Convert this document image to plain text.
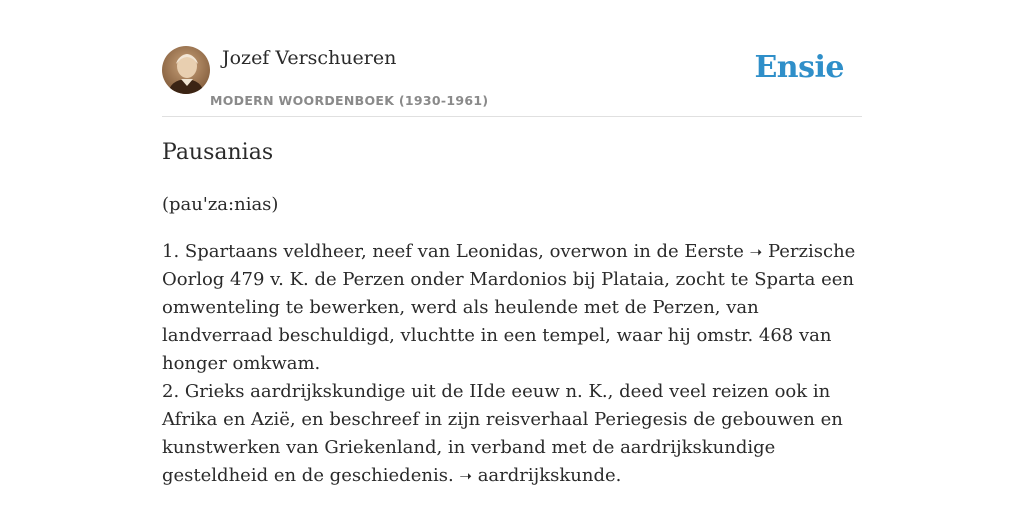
Jozef Verschueren
MODERN WOORDENBOEK (1930-1961)
Ensie
Pausanias
(pau'za:nias)

1. Spartaans veldheer, neef van Leonidas, overwon in de Eerste ➝ Perzische Oorlog 479 v. K. de Perzen onder Mardonios bij Plataia, zocht te Sparta een omwenteling te bewerken, werd als heulende met de Perzen, van landverraad beschuldigd, vluchtte in een tempel, waar hij omstr. 468 van honger omkwam.

2. Grieks aardrijkskundige uit de IIde eeuw n. K., deed veel reizen ook in Afrika en Azië, en beschreef in zijn reisverhaal Periegesis de gebouwen en kunstwerken van Griekenland, in verband met de aardrijkskundige gesteldheid en de geschiedenis. ➝ aardrijkskunde.
